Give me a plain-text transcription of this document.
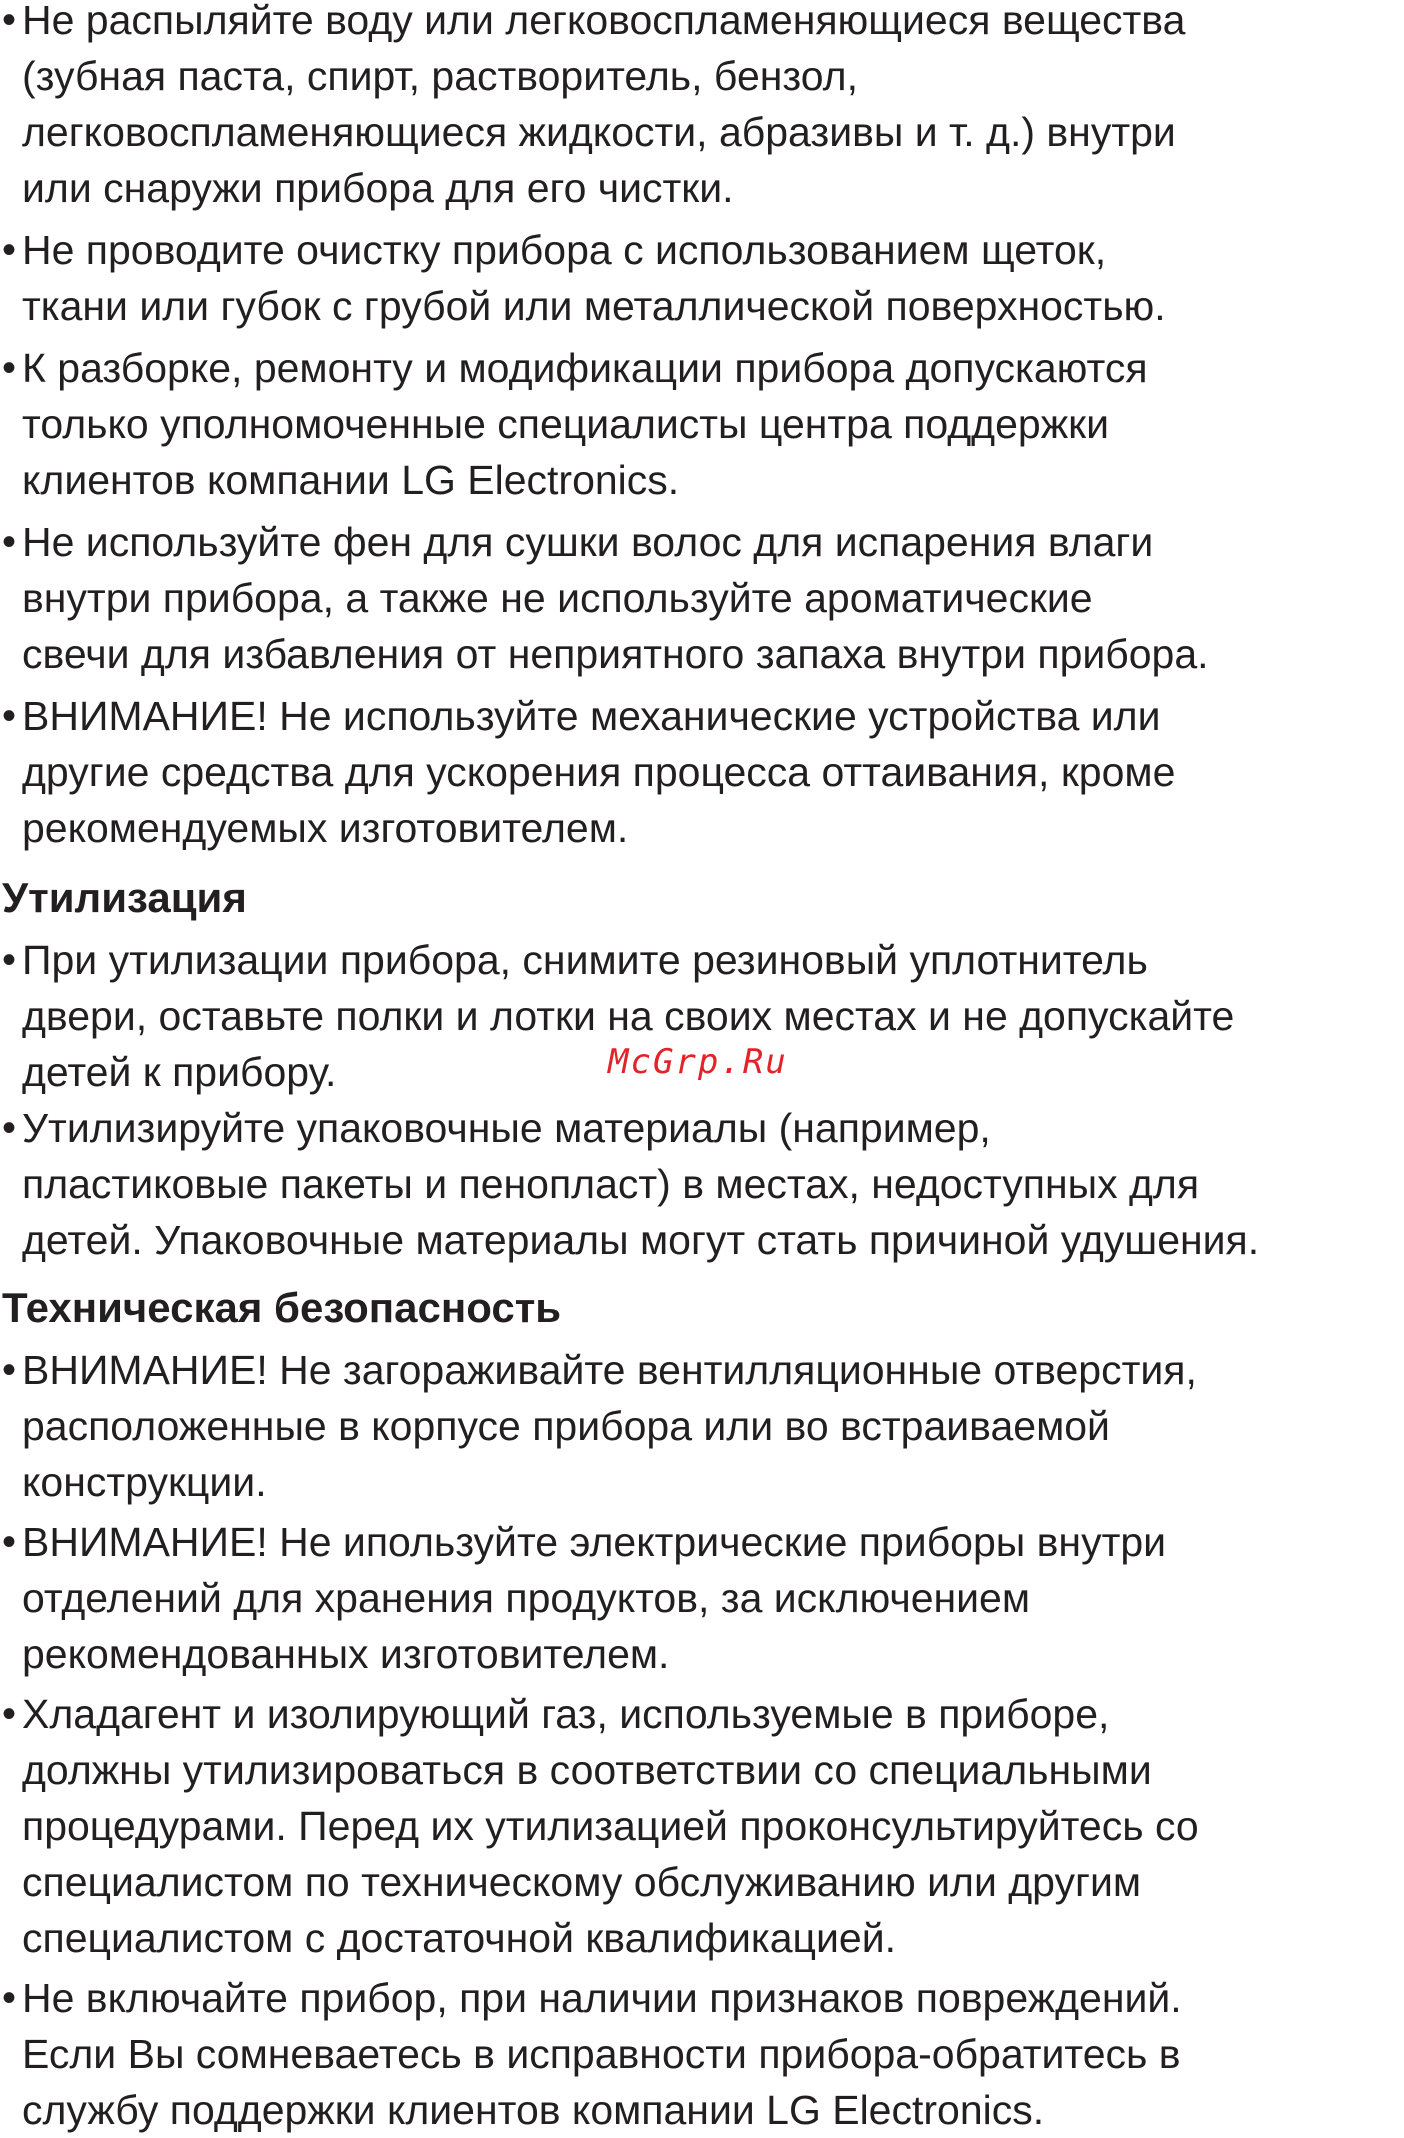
• Не распыляйте воду или легковоспламеняющиеся вещества
(зубная паста, спирт, растворитель, бензол,
легковоспламеняющиеся жидкости, абразивы и т. д.) внутри
или снаружи прибора для его чистки.
• Не проводите очистку прибора с использованием щеток,
ткани или губок с грубой или металлической поверхностью.
• К разборке, ремонту и модификации прибора допускаются
только уполномоченные специалисты центра поддержки
клиентов компании LG Electronics.
• Не используйте фен для сушки волос для испарения влаги
внутри прибора, а также не используйте ароматические
свечи для избавления от неприятного запаха внутри прибора.
• ВНИМАНИЕ! Не используйте механические устройства или
другие средства для ускорения процесса оттаивания, кроме
рекомендуемых изготовителем.
Утилизация
• При утилизации прибора, снимите резиновый уплотнитель
двери, оставьте полки и лотки на своих местах и не допускайте
детей к прибору.
• Утилизируйте упаковочные материалы (например,
пластиковые пакеты и пенопласт) в местах, недоступных для
детей. Упаковочные материалы могут стать причиной удушения.
Техническая безопасность
• ВНИМАНИЕ! Не загораживайте вентилляционные отверстия,
расположенные в корпусе прибора или во встраиваемой
конструкции.
• ВНИМАНИЕ! Не ипользуйте электрические приборы внутри
отделений для хранения продуктов, за исключением
рекомендованных изготовителем.
• Хладагент и изолирующий газ, используемые в приборе,
должны утилизироваться в соответствии со специальными
процедурами. Перед их утилизацией проконсультируйтесь со
специалистом по техническому обслуживанию или другим
специалистом с достаточной квалификацией.
• Не включайте прибор, при наличии признаков повреждений.
Если Вы сомневаетесь в исправности прибора-обратитесь в
службу поддержки клиентов компании LG Electronics.
McGrp.Ru
